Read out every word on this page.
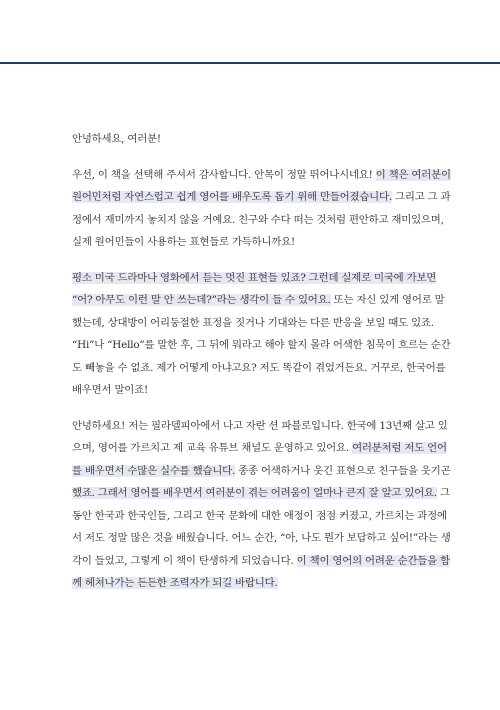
안녕하세요, 여러분!

우선, 이 책을 선택해 주셔서 감사합니다. 안목이 정말 뛰어나시네요! 이 책은 여러분이
원어민처럼 자연스럽고 쉽게 영어를 배우도록 돕기 위해 만들어졌습니다. 그리고 그 과
정에서 재미까지 놓치지 않을 거예요. 친구와 수다 떠는 것처럼 편안하고 재미있으며,
실제 원어민들이 사용하는 표현들로 가득하니까요!

평소 미국 드라마나 영화에서 듣는 멋진 표현들 있죠? 그런데 실제로 미국에 가보면
“어? 아무도 이런 말 안 쓰는데?”라는 생각이 들 수 있어요. 또는 자신 있게 영어로 말
했는데, 상대방이 어리둥절한 표정을 짓거나 기대와는 다른 반응을 보일 때도 있죠.
“Hi”나 “Hello”를 말한 후, 그 뒤에 뭐라고 해야 할지 몰라 어색한 침묵이 흐르는 순간
도 빼놓을 수 없죠. 제가 어떻게 아냐고요? 저도 똑같이 겪었거든요. 거꾸로, 한국어를
배우면서 말이죠!

안녕하세요! 저는 필라델피아에서 나고 자란 션 파블로입니다. 한국에 13년째 살고 있
으며, 영어를 가르치고 제 교육 유튜브 채널도 운영하고 있어요. 여러분처럼 저도 언어
를 배우면서 수많은 실수를 했습니다. 종종 어색하거나 웃긴 표현으로 친구들을 웃기곤
했죠. 그래서 영어를 배우면서 여러분이 겪는 어려움이 얼마나 큰지 잘 알고 있어요. 그
동안 한국과 한국인들, 그리고 한국 문화에 대한 애정이 점점 커졌고, 가르치는 과정에
서 저도 정말 많은 것을 배웠습니다. 어느 순간, “아, 나도 뭔가 보답하고 싶어!”라는 생
각이 들었고, 그렇게 이 책이 탄생하게 되었습니다. 이 책이 영어의 어려운 순간들을 함
께 헤쳐나가는 든든한 조력자가 되길 바랍니다.
